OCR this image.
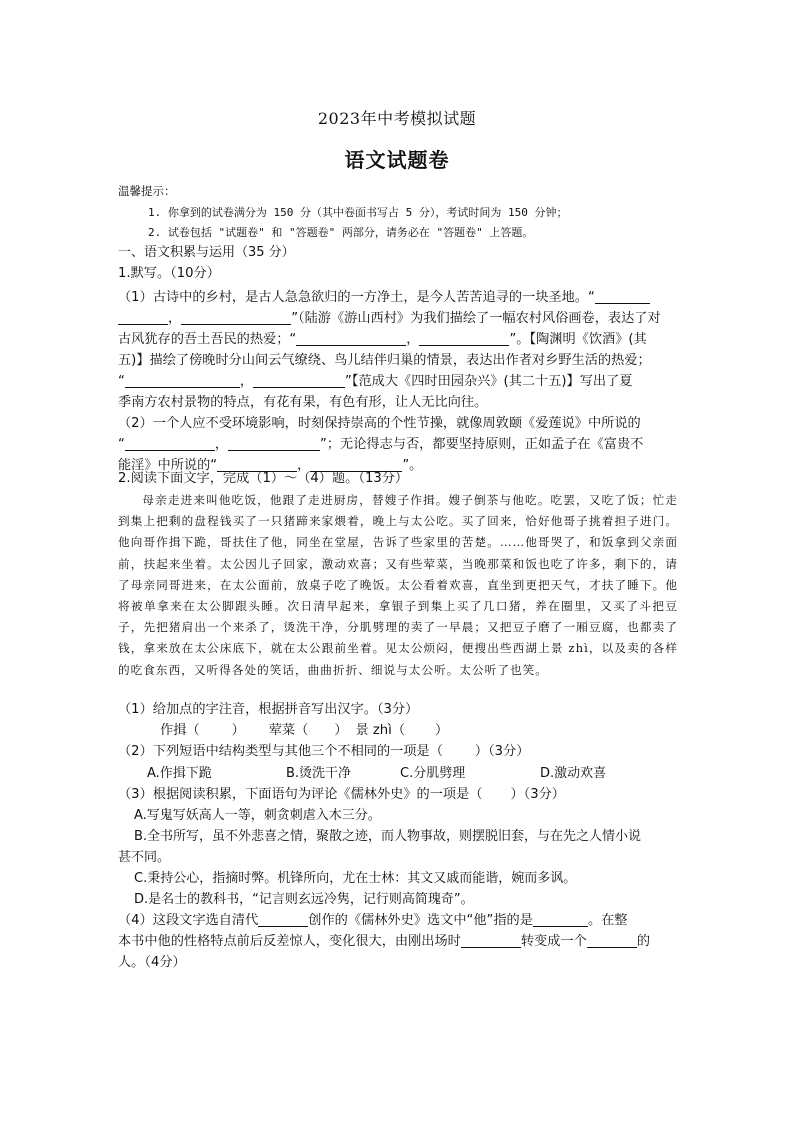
2023年中考模拟试题
语文试题卷
温馨提示：
1. 你拿到的试卷满分为 150 分（其中卷面书写占 5 分），考试时间为 150 分钟；
2. 试卷包括 "试题卷" 和 "答题卷" 两部分，请务必在 "答题卷" 上答题。
一、语文积累与运用（35 分）
1.默写。（10分）
（1）古诗中的乡村，是古人急急欲归的一方净土，是今人苦苦追寻的一块圣地。“
，	”（陆游《游山西村》为我们描绘了一幅农村风俗画卷，表达了对
古风犹存的吾土吾民的热爱；“	，	”。【陶渊明《饮酒》(其
五)】描绘了傍晚时分山间云气缭绕、鸟儿结伴归巢的情景，表达出作者对乡野生活的热爱；
“	，	”【范成大《四时田园杂兴》(其二十五)】写出了夏
季南方农村景物的特点，有花有果，有色有形，让人无比向往。
（2）一个人应不受环境影响，时刻保持崇高的个性节操，就像周敦颐《爱莲说》中所说的
“	，	”；无论得志与否，都要坚持原则，正如孟子在《富贵不
能淫》中所说的“	，	”。
2.阅读下面文字，完成（1）～（4）题。（13分）

母亲走进来叫他吃饭，他跟了走进厨房，替嫂子作揖。嫂子倒茶与他吃。吃罢，又吃了饭；忙走到集上把剩的盘程钱买了一只猪蹄来家煨着，晚上与太公吃。买了回来，恰好他哥子挑着担子进门。他向哥作揖下跪，哥扶住了他，同坐在堂屋，告诉了些家里的苦楚。……他哥哭了，和饭拿到父亲面前，扶起来坐着。太公因儿子回家，激动欢喜；又有些荤菜，当晚那菜和饭也吃了许多，剩下的，请了母亲同哥进来，在太公面前，放桌子吃了晚饭。太公看着欢喜，直坐到更把天气，才扶了睡下。他将被单拿来在太公脚跟头睡。次日清早起来，拿银子到集上买了几口猪，养在圈里，又买了斗把豆子，先把猪肩出一个来杀了，烫洗干净，分肌劈理的卖了一早晨；又把豆子磨了一厢豆腐，也都卖了钱，拿来放在太公床底下，就在太公跟前坐着。见太公烦闷，便搜出些西湖上景 zhì，以及卖的各样的吃食东西，又听得各处的笑话，曲曲折折、细说与太公听。太公听了也笑。

（1）给加点的字注音，根据拼音写出汉字。（3分）
作揖（ ） 荤菜（ ） 景 zhì（ ）
（2）下列短语中结构类型与其他三个不相同的一项是（ ）（3分）
A.作揖下跪	B.烫洗干净	C.分肌劈理	D.激动欢喜
（3）根据阅读积累，下面语句为评论《儒林外史》的一项是（ ）（3分）
A.写鬼写妖高人一等，刺贪刺虐入木三分。
B.全书所写，虽不外悲喜之情，聚散之迹，而人物事故，则摆脱旧套，与在先之人情小说
甚不同。
C.秉持公心，指摘时弊。机锋所向，尤在士林：其文又戚而能谐，婉而多讽。
D.是名士的教科书，“记言则玄远冷隽，记行则高简瑰奇”。
（4）这段文字选自清代	创作的《儒林外史》选文中“他”指的是	。在整
本书中他的性格特点前后反差惊人，变化很大，由刚出场时	转变成一个	的
人。（4分）
